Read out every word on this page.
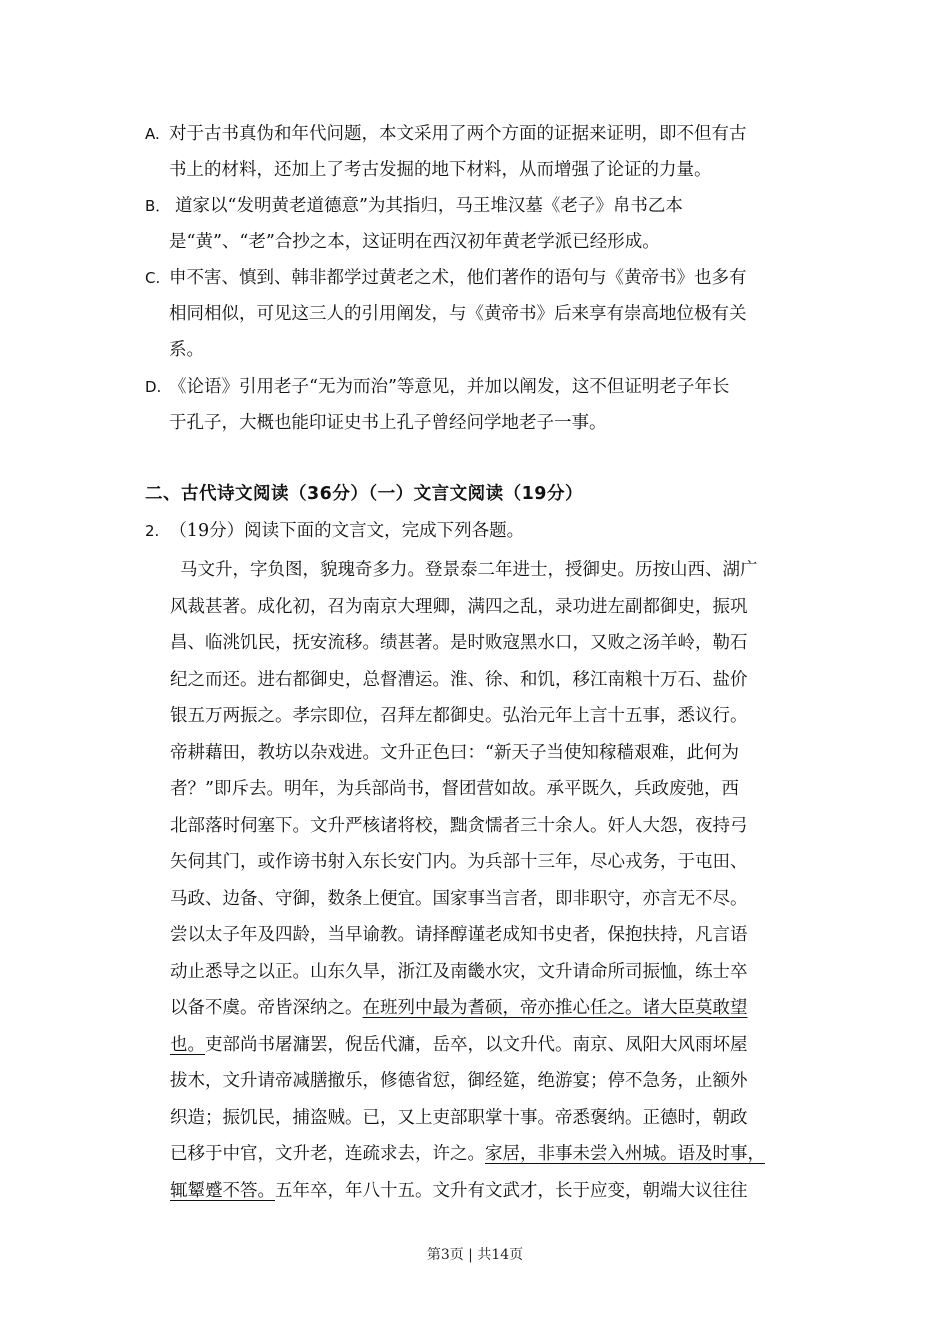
A. 对于古书真伪和年代问题，本文采用了两个方面的证据来证明，即不但有古
书上的材料，还加上了考古发掘的地下材料，从而增强了论证的力量。
B． 道家以“发明黄老道德意”为其指归，马王堆汉墓《老子》帛书乙本
是“黄”、“老”合抄之本，这证明在西汉初年黄老学派已经形成。
C. 申不害、慎到、韩非都学过黄老之术，他们著作的语句与《黄帝书》也多有
相同相似，可见这三人的引用阐发，与《黄帝书》后来享有崇高地位极有关
系。
D. 《论语》引用老子“无为而治”等意见，并加以阐发，这不但证明老子年长
于孔子，大概也能印证史书上孔子曾经问学地老子一事。
二、古代诗文阅读（36分）（一）文言文阅读（19分）
2. （19分）阅读下面的文言文，完成下列各题。
马文升，字负图，貌瑰奇多力。登景泰二年进士，授御史。历按山西、湖广
风裁甚著。成化初，召为南京大理卿，满四之乱，录功进左副都御史，振巩
昌、临洮饥民，抚安流移。绩甚著。是时败寇黑水口，又败之汤羊岭，勒石
纪之而还。进右都御史，总督漕运。淮、徐、和饥，移江南粮十万石、盐价
银五万两振之。孝宗即位，召拜左都御史。弘治元年上言十五事，悉议行。
帝耕藉田，教坊以杂戏进。文升正色曰：“新天子当使知稼穑艰难，此何为
者？”即斥去。明年，为兵部尚书，督团营如故。承平既久，兵政废弛，西
北部落时伺塞下。文升严核诸将校，黜贪懦者三十余人。奸人大怨，夜持弓
矢伺其门，或作谤书射入东长安门内。为兵部十三年，尽心戎务，于屯田、
马政、边备、守御，数条上便宜。国家事当言者，即非职守，亦言无不尽。
尝以太子年及四龄，当早谕教。请择醇谨老成知书史者，保抱扶持，凡言语
动止悉导之以正。山东久旱，浙江及南畿水灾，文升请命所司振恤，练士卒
以备不虞。帝皆深纳之。在班列中最为耆硕，帝亦推心任之。诸大臣莫敢望
也。吏部尚书屠滽罢，倪岳代滽，岳卒，以文升代。南京、凤阳大风雨坏屋
拔木，文升请帝减膳撤乐，修德省愆，御经筵，绝游宴；停不急务，止额外
织造；振饥民，捕盗贼。已，又上吏部职掌十事。帝悉褒纳。正德时，朝政
已移于中官，文升老，连疏求去，许之。家居，非事未尝入州城。语及时事，
辄颦蹙不答。五年卒，年八十五。文升有文武才，长于应变，朝端大议往往
第3页 | 共14页
